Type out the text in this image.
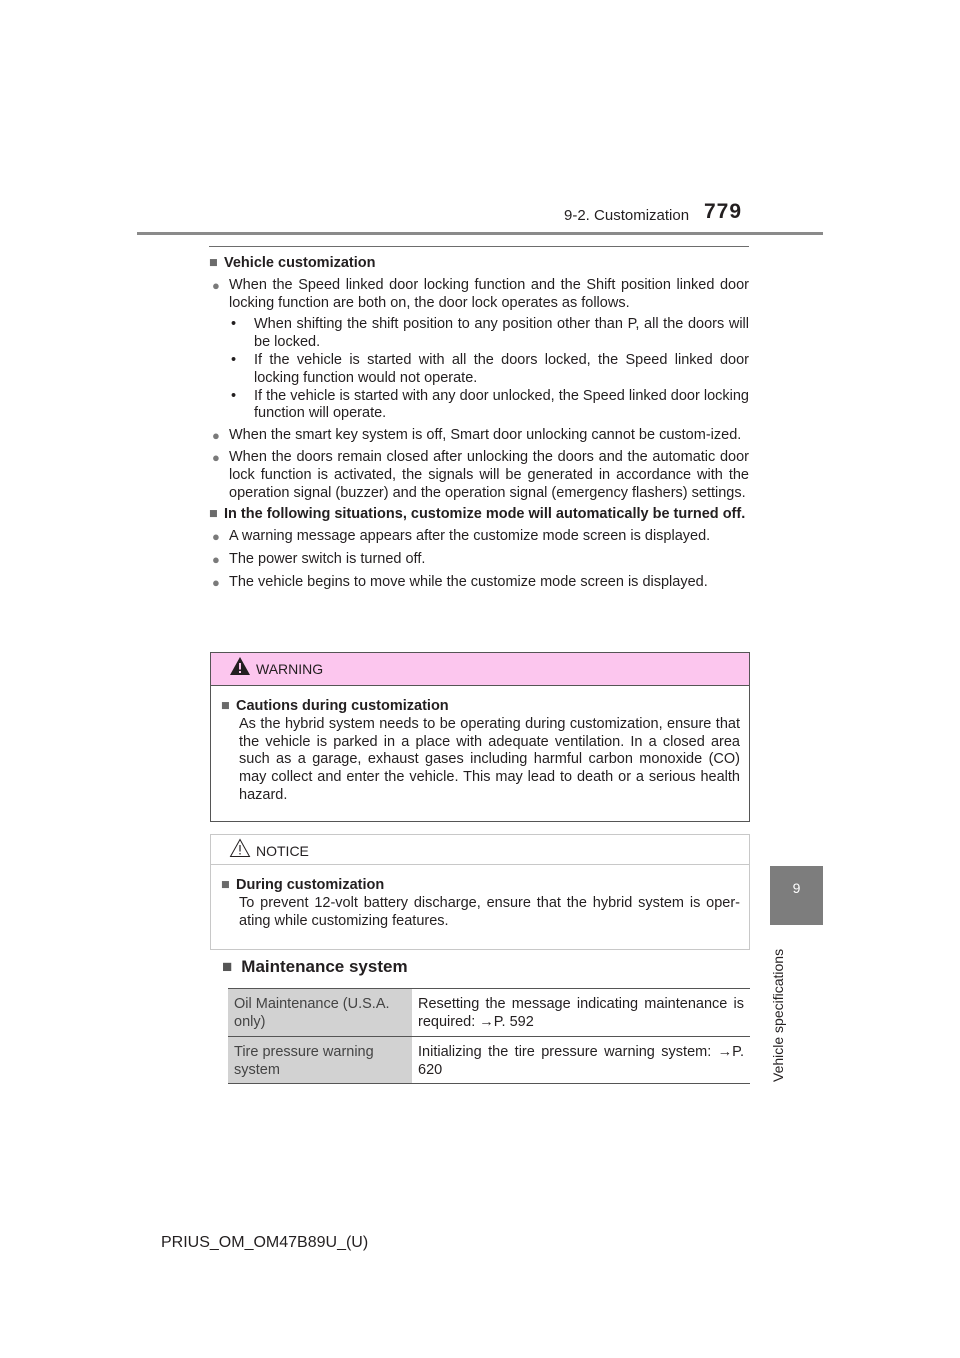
9-2. Customization 779
9
Vehicle specifications
■ Vehicle customization
● When the Speed linked door locking function and the Shift position linked door locking function are both on, the door lock operates as follows.
•	When shifting the shift position to any position other than P, all the doors will be locked.
•	If the vehicle is started with all the doors locked, the Speed linked door locking function would not operate.
•	If the vehicle is started with any door unlocked, the Speed linked door locking function will operate.
● When the smart key system is off, Smart door unlocking cannot be custom-ized.
● When the doors remain closed after unlocking the doors and the automatic door lock function is activated, the signals will be generated in accordance with the operation signal (buzzer) and the operation signal (emergency flashers) settings.
■ In the following situations, customize mode will automatically be turned off.
● A warning message appears after the customize mode screen is displayed.
● The power switch is turned off.
● The vehicle begins to move while the customize mode screen is displayed.
WARNING
■ Cautions during customization
As the hybrid system needs to be operating during customization, ensure that the vehicle is parked in a place with adequate ventilation. In a closed area such as a garage, exhaust gases including harmful carbon monoxide (CO) may collect and enter the vehicle. This may lead to death or a serious health hazard.
NOTICE
■ During customization
To prevent 12-volt battery discharge, ensure that the hybrid system is oper-ating while customizing features.
■ Maintenance system
Oil Maintenance (U.S.A. only)	Resetting the message indicating maintenance is required: →P. 592
Tire pressure warning system	Initializing the tire pressure warning system: →P. 620
PRIUS_OM_OM47B89U_(U)
